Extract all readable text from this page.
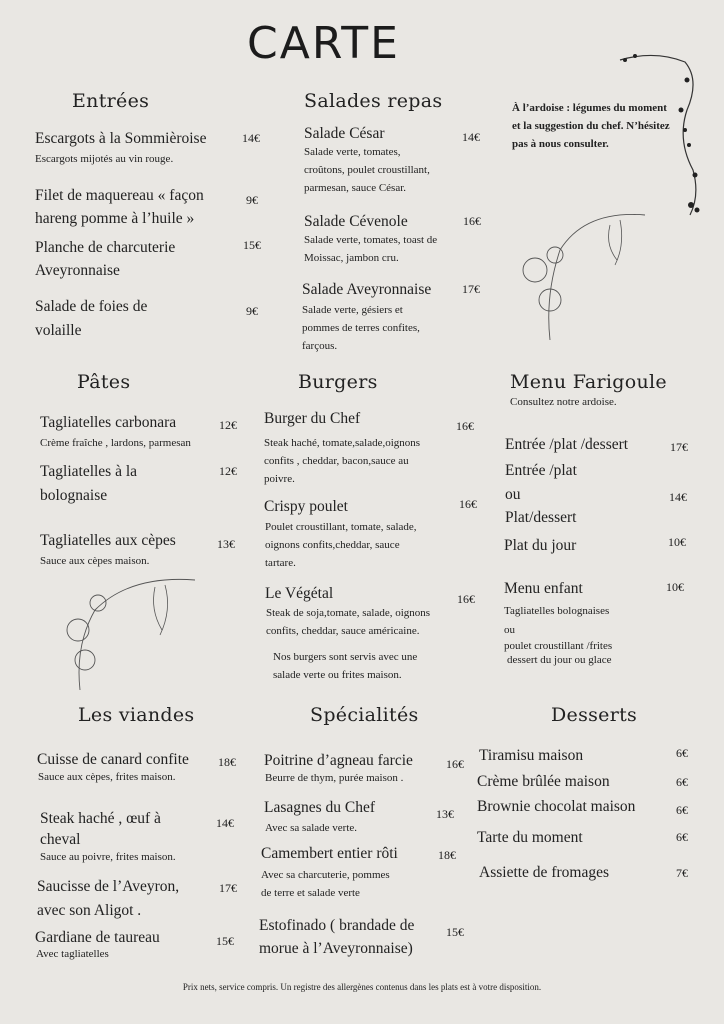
CARTE
Entrées
Escargots à la Sommièroise	14€
Escargots mijotés au vin rouge.
Filet de maquereau « façon
hareng pomme à l’huile »
9€
Planche de charcuterie
Aveyronnaise
15€
Salade de foies de
volaille
9€
Salades repas
Salade César	14€
Salade verte, tomates,
croûtons, poulet croustillant,
parmesan, sauce César.
Salade Cévenole	16€
Salade verte, tomates, toast de
Moissac, jambon cru.
Salade Aveyronnaise	17€
Salade verte, gésiers et
pommes de terres confites,
farçous.
À l’ardoise : légumes du moment et la suggestion du chef. N’hésitez pas à nous consulter.
Pâtes
Tagliatelles carbonara	12€
Crème fraîche , lardons, parmesan
Tagliatelles à la
bolognaise
12€
Tagliatelles aux cèpes	13€
Sauce aux cèpes maison.
Burgers
Burger du Chef	16€
Steak haché, tomate,salade,oignons
confits , cheddar, bacon,sauce au
poivre.
Crispy poulet	16€
Poulet croustillant, tomate, salade,
oignons confits,cheddar, sauce
tartare.
Le Végétal	16€
Steak de soja,tomate, salade, oignons
confits, cheddar, sauce américaine.
Nos burgers sont servis avec une
salade verte ou frites maison.
Menu Farigoule
Consultez notre ardoise.
Entrée /plat /dessert	17€
Entrée /plat
ou
Plat/dessert
14€
Plat du jour	10€
Menu enfant	10€
Tagliatelles bolognaises
ou
poulet croustillant /frites
dessert du jour ou glace
Les viandes
Cuisse de canard confite 18€
Sauce aux cèpes, frites maison.
Steak haché , œuf à
cheval
14€
Sauce au poivre, frites maison.
Saucisse de l’Aveyron,
avec son Aligot .
17€
Gardiane de taureau	15€
Avec tagliatelles
Spécialités
Poitrine d’agneau farcie	16€
Beurre de thym, purée maison .
Lasagnes du Chef	13€
Avec sa salade verte.
Camembert entier rôti	18€
Avec sa charcuterie, pommes
de terre et salade verte
Estofinado ( brandade de
morue à l’Aveyronnaise)
15€
Desserts
Tiramisu maison	6€
Crème brûlée maison	6€
Brownie chocolat maison	6€
Tarte du moment	6€
Assiette de fromages	7€
Prix nets, service compris. Un registre des allergènes contenus dans les plats est à votre disposition.
